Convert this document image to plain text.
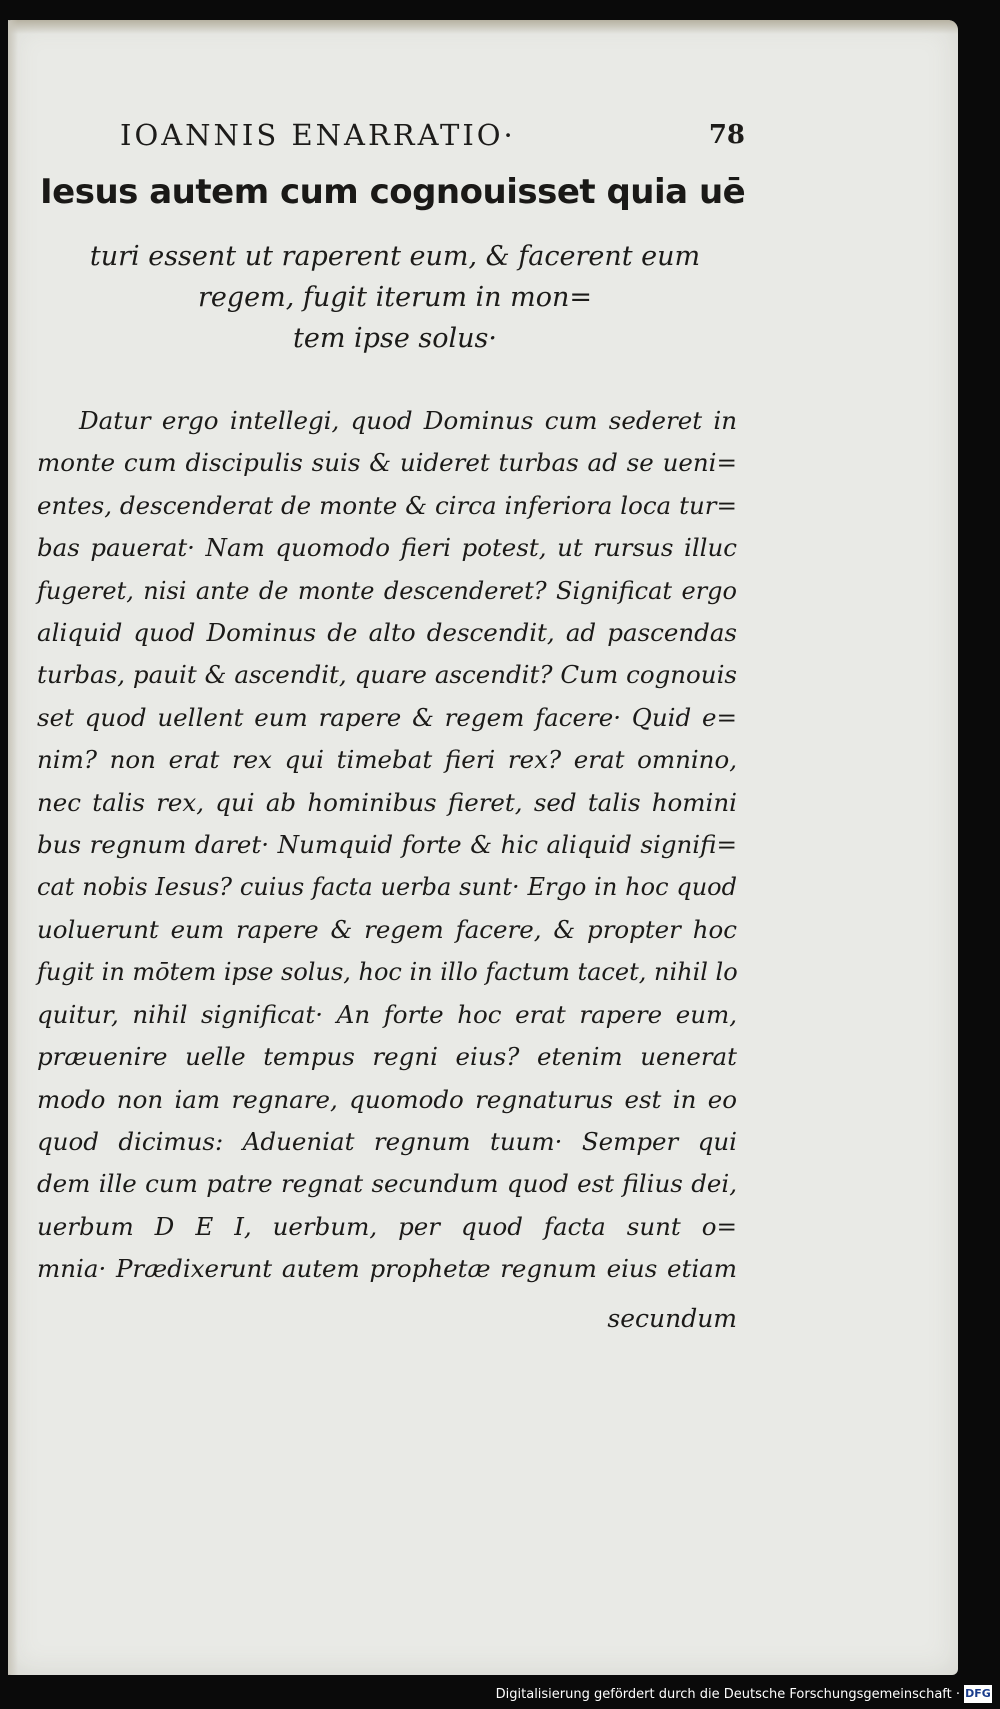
IOANNIS ENARRATIO·	78
Iesus autem cum cognouisset quia uē
turi essent ut raperent eum, & facerent eum
regem, fugit iterum in mon=
tem ipse solus·
Datur ergo intellegi, quod Dominus cum sederet in
monte cum discipulis suis & uideret turbas ad se ueni=
entes, descenderat de monte & circa inferiora loca tur=
bas pauerat· Nam quomodo fieri potest, ut rursus illuc
fugeret, nisi ante de monte descenderet? Significat ergo
aliquid quod Dominus de alto descendit, ad pascendas
turbas, pauit & ascendit, quare ascendit? Cum cognouis
set quod uellent eum rapere & regem facere· Quid e=
nim? non erat rex qui timebat fieri rex? erat omnino,
nec talis rex, qui ab hominibus fieret, sed talis homini
bus regnum daret· Numquid forte & hic aliquid signifi=
cat nobis Iesus? cuius facta uerba sunt· Ergo in hoc quod
uoluerunt eum rapere & regem facere, & propter hoc
fugit in mōtem ipse solus, hoc in illo factum tacet, nihil lo
quitur, nihil significat· An forte hoc erat rapere eum,
præuenire uelle tempus regni eius? etenim uenerat
modo non iam regnare, quomodo regnaturus est in eo
quod dicimus: Adueniat regnum tuum· Semper qui
dem ille cum patre regnat secundum quod est filius dei,
uerbum D E I, uerbum, per quod facta sunt o=
mnia· Prædixerunt autem prophetæ regnum eius etiam
secundum
Digitalisierung gefördert durch die Deutsche Forschungsgemeinschaft · DFG
